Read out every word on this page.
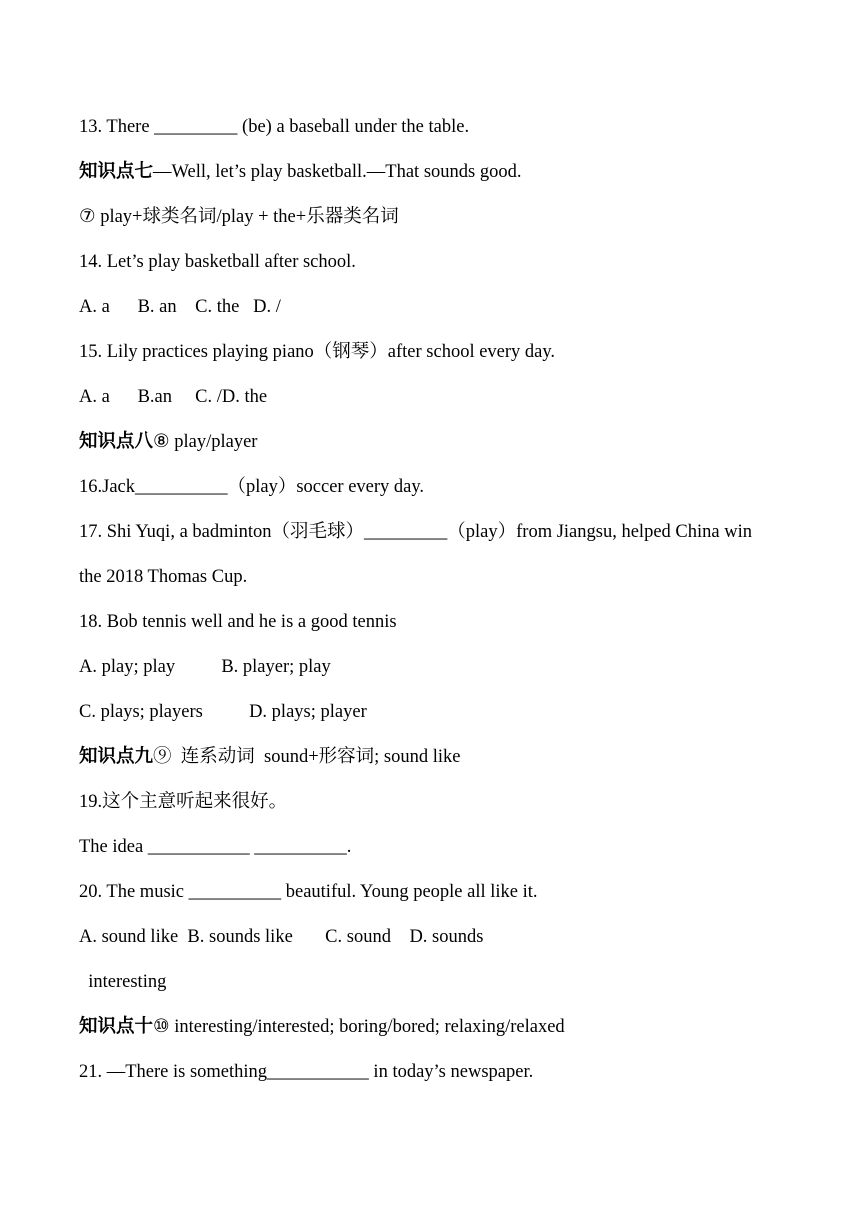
13. There _________ (be) a baseball under the table.
知识点七—Well, let’s play basketball.—That sounds good.
⑦ play+球类名词/play + the+乐器类名词
14. Let’s play basketball after school.
A. a      B. an    C. the   D. /
15. Lily practices playing piano（钢琴）after school every day.
A. a      B.an     C. /D. the
知识点八⑧ play/player
16.Jack__________（play）soccer every day.
17. Shi Yuqi, a badminton（羽毛球）_________（play）from Jiangsu, helped China win
the 2018 Thomas Cup.
18. Bob tennis well and he is a good tennis
A. play; play          B. player; play
C. plays; players          D. plays; player
知识点九⑨  连系动词  sound+形容词; sound like
19.这个主意听起来很好。
The idea ___________ __________.
20. The music __________ beautiful. Young people all like it.
A. sound like  B. sounds like       C. sound    D. sounds
interesting
知识点十⑩ interesting/interested; boring/bored; relaxing/relaxed
21. —There is something___________ in today’s newspaper.
